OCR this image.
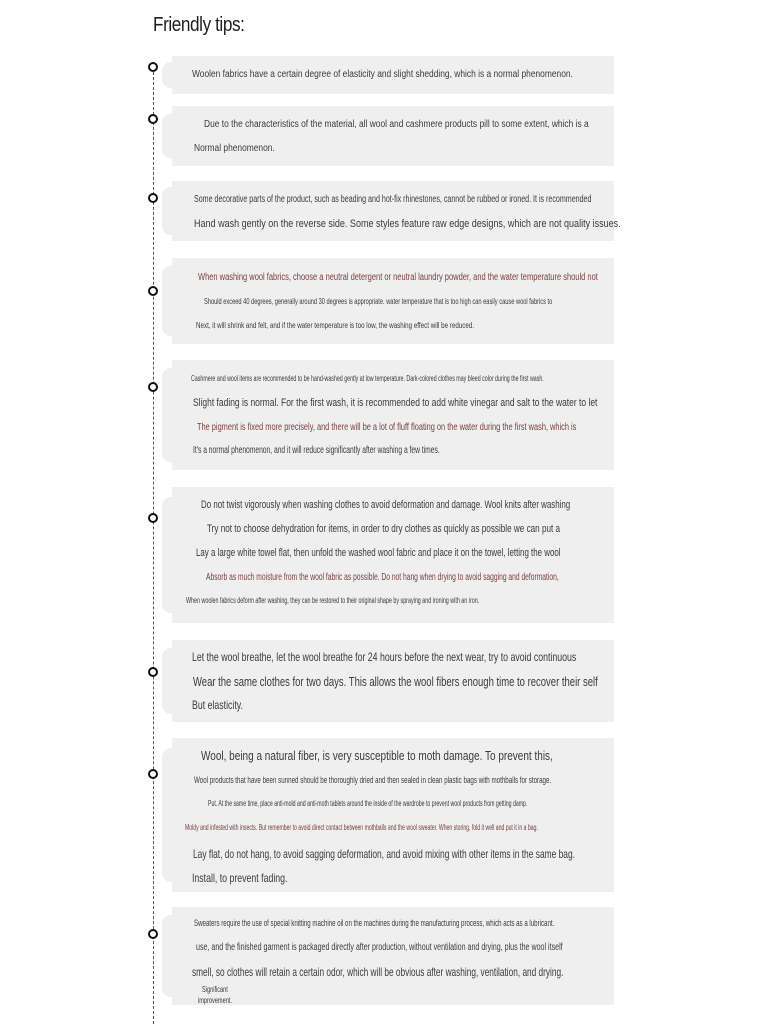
Friendly tips:
Woolen fabrics have a certain degree of elasticity and slight shedding, which is a normal phenomenon.
Due to the characteristics of the material, all wool and cashmere products pill to some extent, which is a
Normal phenomenon.
Some decorative parts of the product, such as beading and hot-fix rhinestones, cannot be rubbed or ironed. It is recommended
Hand wash gently on the reverse side. Some styles feature raw edge designs, which are not quality issues.
When washing wool fabrics, choose a neutral detergent or neutral laundry powder, and the water temperature should not
Should exceed 40 degrees, generally around 30 degrees is appropriate. water temperature that is too high can easily cause wool fabrics to
Next, it will shrink and felt, and if the water temperature is too low, the washing effect will be reduced.
Cashmere and wool items are recommended to be hand-washed gently at low temperature. Dark-colored clothes may bleed color during the first wash.
Slight fading is normal. For the first wash, it is recommended to add white vinegar and salt to the water to let
The pigment is fixed more precisely, and there will be a lot of fluff floating on the water during the first wash, which is
It's a normal phenomenon, and it will reduce significantly after washing a few times.
Do not twist vigorously when washing clothes to avoid deformation and damage. Wool knits after washing
Try not to choose dehydration for items, in order to dry clothes as quickly as possible we can put a
Lay a large white towel flat, then unfold the washed wool fabric and place it on the towel, letting the wool
Absorb as much moisture from the wool fabric as possible. Do not hang when drying to avoid sagging and deformation,
When woolen fabrics deform after washing, they can be restored to their original shape by spraying and ironing with an iron.
Let the wool breathe, let the wool breathe for 24 hours before the next wear, try to avoid continuous
Wear the same clothes for two days. This allows the wool fibers enough time to recover their self
But elasticity.
Wool, being a natural fiber, is very susceptible to moth damage. To prevent this,
Wool products that have been sunned should be thoroughly dried and then sealed in clean plastic bags with mothballs for storage.
Put. At the same time, place anti-mold and anti-moth tablets around the inside of the wardrobe to prevent wool products from getting damp.
Moldy and infested with insects. But remember to avoid direct contact between mothballs and the wool sweater. When storing, fold it well and put it in a bag.
Lay flat, do not hang, to avoid sagging deformation, and avoid mixing with other items in the same bag.
Install, to prevent fading.
Sweaters require the use of special knitting machine oil on the machines during the manufacturing process, which acts as a lubricant.
use, and the finished garment is packaged directly after production, without ventilation and drying, plus the wool itself
smell, so clothes will retain a certain odor, which will be obvious after washing, ventilation, and drying.
Significant
improvement.
